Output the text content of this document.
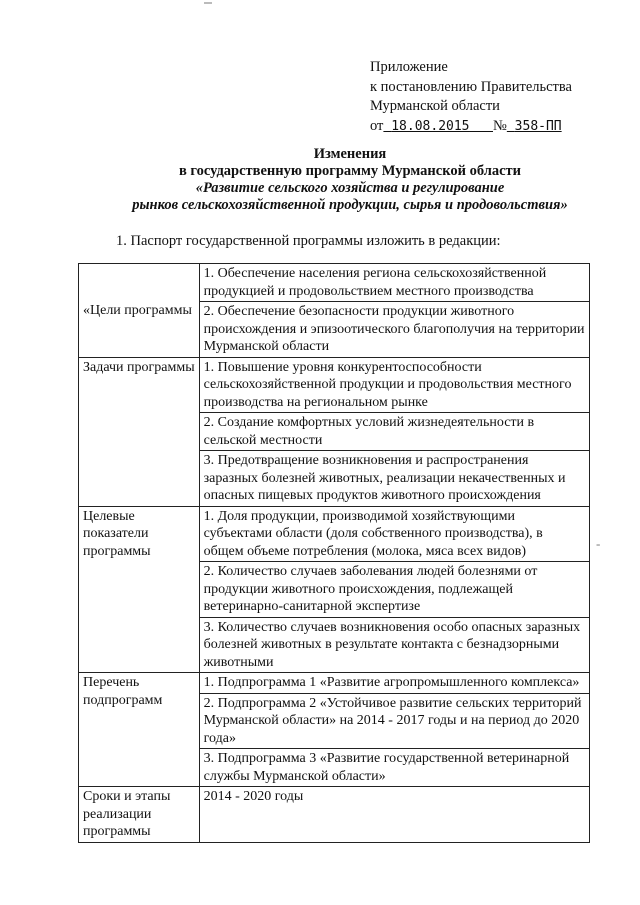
Приложение
к постановлению Правительства
Мурманской области
от 18.08.2015 № 358-ПП
Изменения
в государственную программу Мурманской области
«Развитие сельского хозяйства и регулирование
рынков сельскохозяйственной продукции, сырья и продовольствия»
1. Паспорт государственной программы изложить в редакции:
«Цели программы	1. Обеспечение населения региона сельскохозяйственной продукцией и продовольствием местного производства
	2. Обеспечение безопасности продукции животного происхождения и эпизоотического благополучия на территории Мурманской области
Задачи программы	1. Повышение уровня конкурентоспособности сельскохозяйственной продукции и продовольствия местного производства на региональном рынке
	2. Создание комфортных условий жизнедеятельности в сельской местности
	3. Предотвращение возникновения и распространения заразных болезней животных, реализации некачественных и опасных пищевых продуктов животного происхождения
Целевые показатели программы	1. Доля продукции, производимой хозяйствующими субъектами области (доля собственного производства), в общем объеме потребления (молока, мяса всех видов)
	2. Количество случаев заболевания людей болезнями от продукции животного происхождения, подлежащей ветеринарно-санитарной экспертизе
	3. Количество случаев возникновения особо опасных заразных болезней животных в результате контакта с безнадзорными животными
Перечень подпрограмм	1. Подпрограмма 1 «Развитие агропромышленного комплекса»
	2. Подпрограмма 2 «Устойчивое развитие сельских территорий Мурманской области» на 2014 - 2017 годы и на период до 2020 года»
	3. Подпрограмма 3 «Развитие государственной ветеринарной службы Мурманской области»
Сроки и этапы реализации программы	2014 - 2020 годы
-
